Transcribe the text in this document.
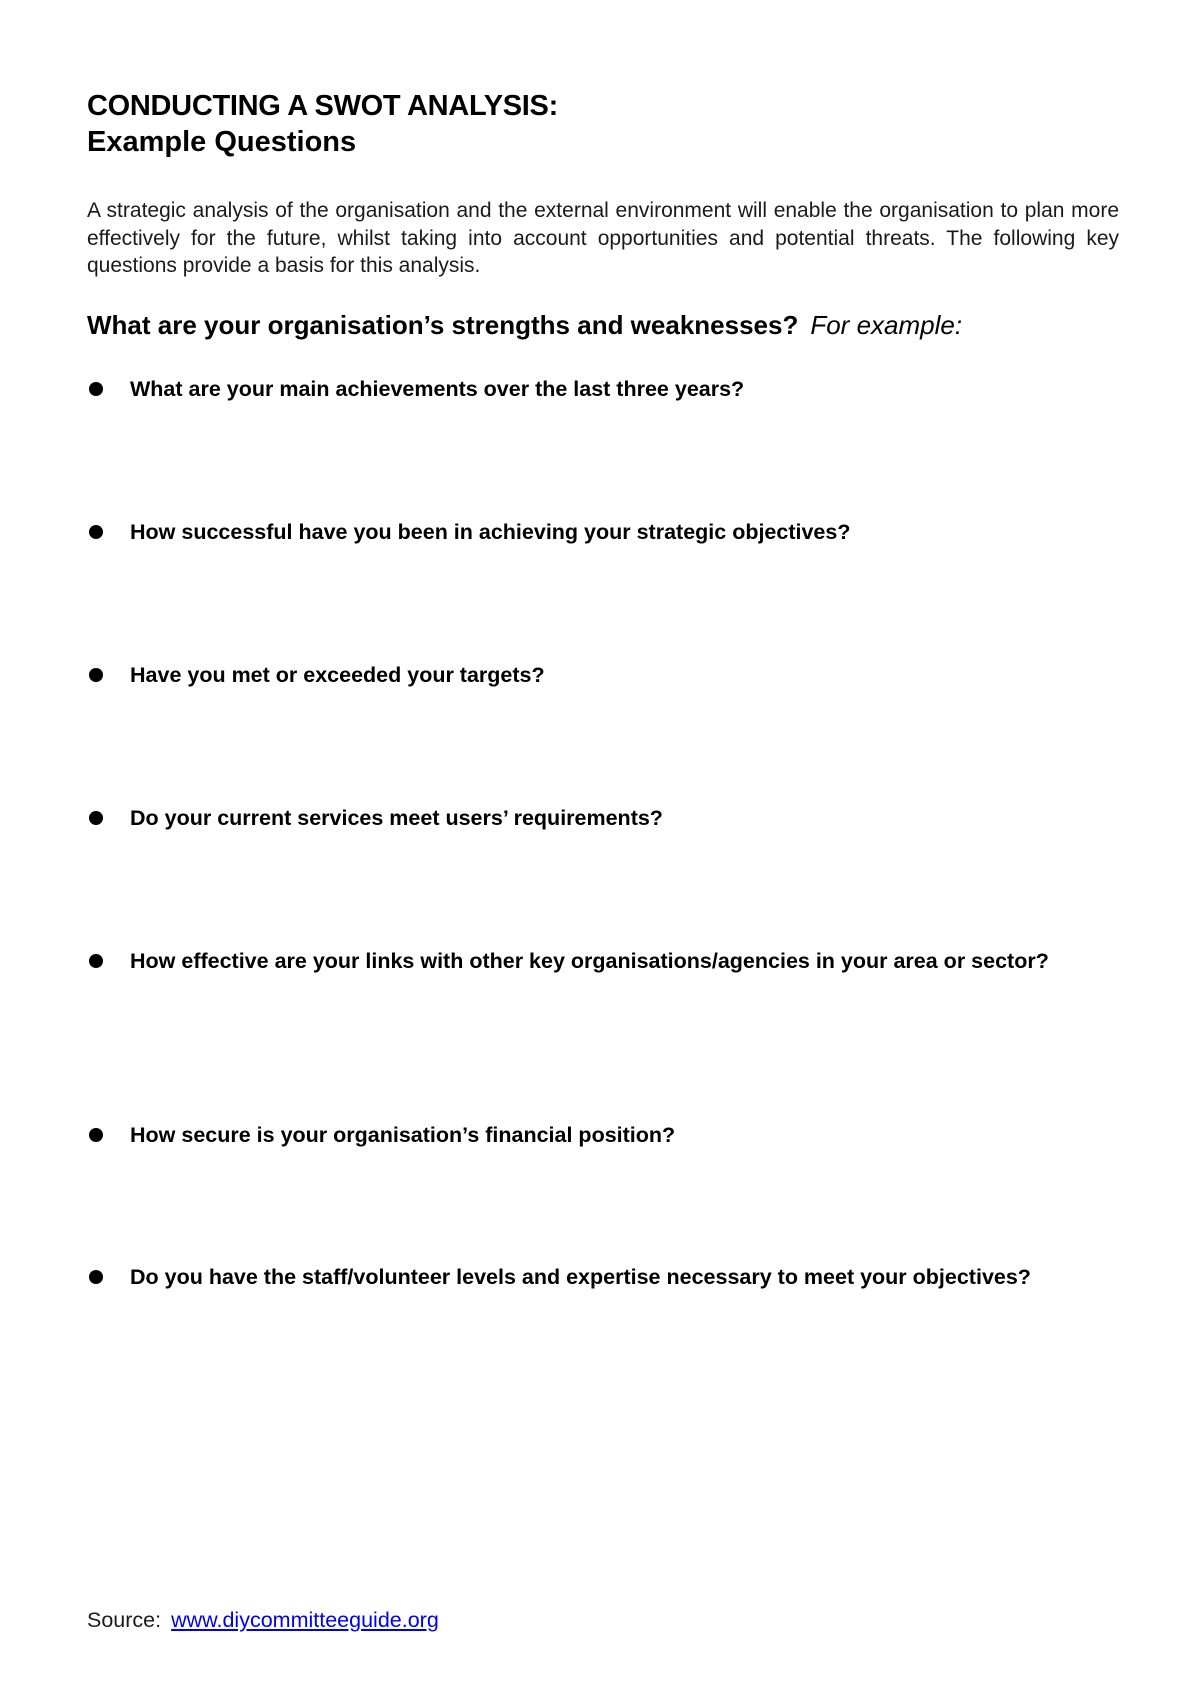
CONDUCTING A SWOT ANALYSIS:
Example Questions

A strategic analysis of the organisation and the external environment will enable the organisation to plan more effectively for the future, whilst taking into account opportunities and potential threats. The following key questions provide a basis for this analysis.

What are your organisation’s strengths and weaknesses? For example:
What are your main achievements over the last three years?
How successful have you been in achieving your strategic objectives?
Have you met or exceeded your targets?
Do your current services meet users’ requirements?
How effective are your links with other key organisations/agencies in your area or sector?
How secure is your organisation’s financial position?
Do you have the staff/volunteer levels and expertise necessary to meet your objectives?

Source: www.diycommitteeguide.org
